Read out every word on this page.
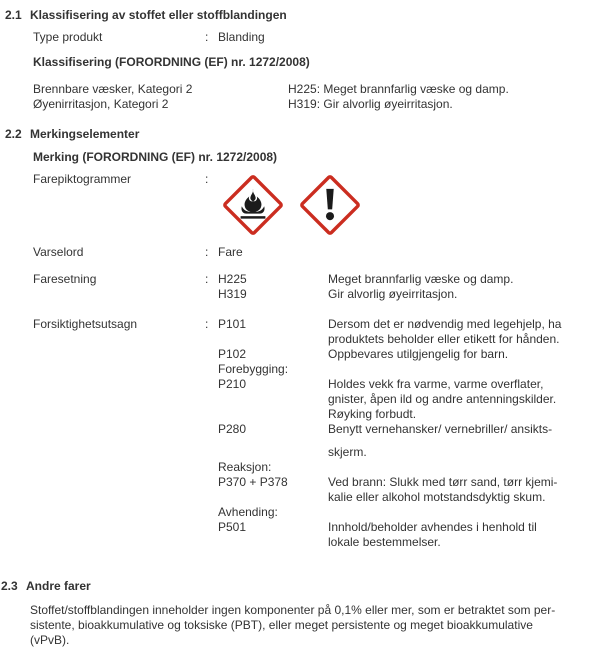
2.1 Klassifisering av stoffet eller stoffblandingen
Type produkt	: Blanding
Klassifisering (FORORDNING (EF) nr. 1272/2008)
Brennbare væsker, Kategori 2	H225: Meget brannfarlig væske og damp.
Øyenirritasjon, Kategori 2	H319: Gir alvorlig øyeirritasjon.
2.2 Merkingselementer
Merking (FORORDNING (EF) nr. 1272/2008)
Farepiktogrammer	:
Varselord	: Fare
Faresetning	: H225	Meget brannfarlig væske og damp.
H319	Gir alvorlig øyeirritasjon.
Forsiktighetsutsagn	: P101	Dersom det er nødvendig med legehjelp, ha
produktets beholder eller etikett for hånden.
P102	Oppbevares utilgjengelig for barn.
Forebygging:
P210	Holdes vekk fra varme, varme overflater,
gnister, åpen ild og andre antenningskilder.
Røyking forbudt.
P280	Benytt vernehansker/ vernebriller/ ansikts-
skjerm.
Reaksjon:
P370 + P378	Ved brann: Slukk med tørr sand, tørr kjemi-
kalie eller alkohol motstandsdyktig skum.
Avhending:
P501	Innhold/beholder avhendes i henhold til
lokale bestemmelser.
2.3 Andre farer
Stoffet/stoffblandingen inneholder ingen komponenter på 0,1% eller mer, som er betraktet som per-
sistente, bioakkumulative og toksiske (PBT), eller meget persistente og meget bioakkumulative
(vPvB).
